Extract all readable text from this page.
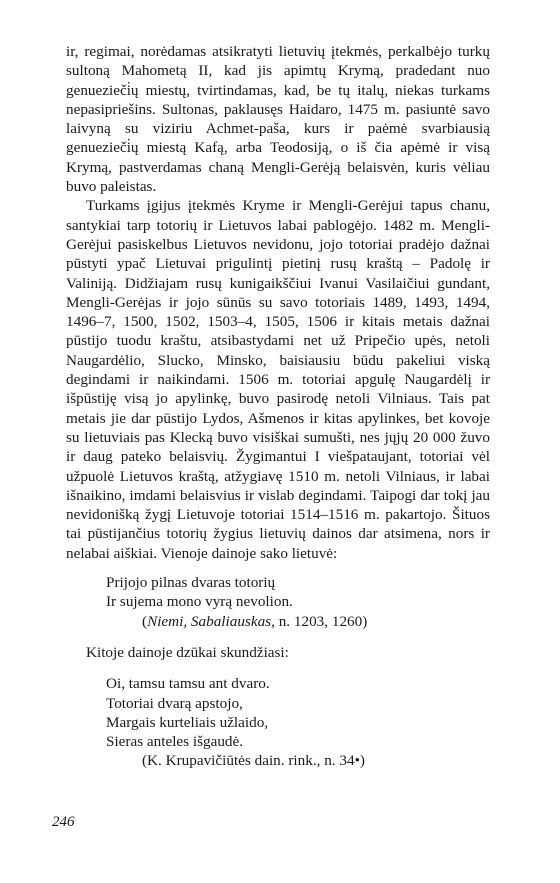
ir, regimai, norėdamas atsikratyti lietuvių įtekmės, perkalbėjo turkų sultoną Mahometą II, kad jis apimtų Krymą, pradedant nuo genuezieči̇ų miestų, tvirtindamas, kad, be tų italų, niekas turkams nepasipriešins. Sultonas, paklausęs Haidaro, 1475 m. pasiuntė savo laivyną su viziriu Achmet-paša, kurs ir paėmė svarbiausią genuezieči̇ų miestą Kafą, arba Teodosiją, o iš čia apėmė ir visą Krymą, pastverdamas chaną Mengli-Gerėją belaisvėn, kuris vėliau buvo paleistas.

Turkams įgijus įtekmės Kryme ir Mengli-Gerėjui tapus chanu, santykiai tarp totorių ir Lietuvos labai pablogėjo. 1482 m. Mengli-Gerėjui pasiskelbus Lietuvos nevidonu, jojo totoriai pradėjo dažnai pūstyti ypač Lietuvai prigulintį pietinį rusų kraštą – Padolę ir Valiniją. Didžiajam rusų kunigaikščiui Ivanui Vasilaičiui gundant, Mengli-Gerėjas ir jojo sūnūs su savo totoriais 1489, 1493, 1494, 1496–7, 1500, 1502, 1503–4, 1505, 1506 ir kitais metais dažnai pūstijo tuodu kraštu, atsibastydami net už Pripečio upės, netoli Naugardėlio, Slucko, Minsko, baisiausiu būdu pakeliui viską degindami ir naikindami. 1506 m. totoriai apgulę Naugardėlį ir išpūstiję visą jo apylinkę, buvo pasirodę netoli Vilniaus. Tais pat metais jie dar pūstijo Lydos, Ašmenos ir kitas apylinkes, bet kovoje su lietuviais pas Klecką buvo visiškai sumušti, nes jųjų 20 000 žuvo ir daug pateko belaisvių. Žygimantui I viešpataujant, totoriai vėl užpuolė Lietuvos kraštą, atžygiavę 1510 m. netoli Vilniaus, ir labai išnaikino, imdami belaisvius ir vislab degindami. Taipogi dar tokį jau nevidonišką žygį Lietuvoje totoriai 1514–1516 m. pakartojo. Šituos tai pūstijančius totorių žygius lietuvių dainos dar atsimena, nors ir nelabai aiškiai. Vienoje dainoje sako lietuvė:

Prijojo pilnas dvaras totorių
Ir sujema mono vyrą nevolion.
(Niemi, Sabaliauskas, n. 1203, 1260)

Kitoje dainoje dzūkai skundžiasi:

Oi, tamsu tamsu ant dvaro.
Totoriai dvarą apstojo,
Margais kurteliais užlaido,
Sieras anteles išgaudė.
(K. Krupavičiūtės dain. rink., n. 34•)
246
